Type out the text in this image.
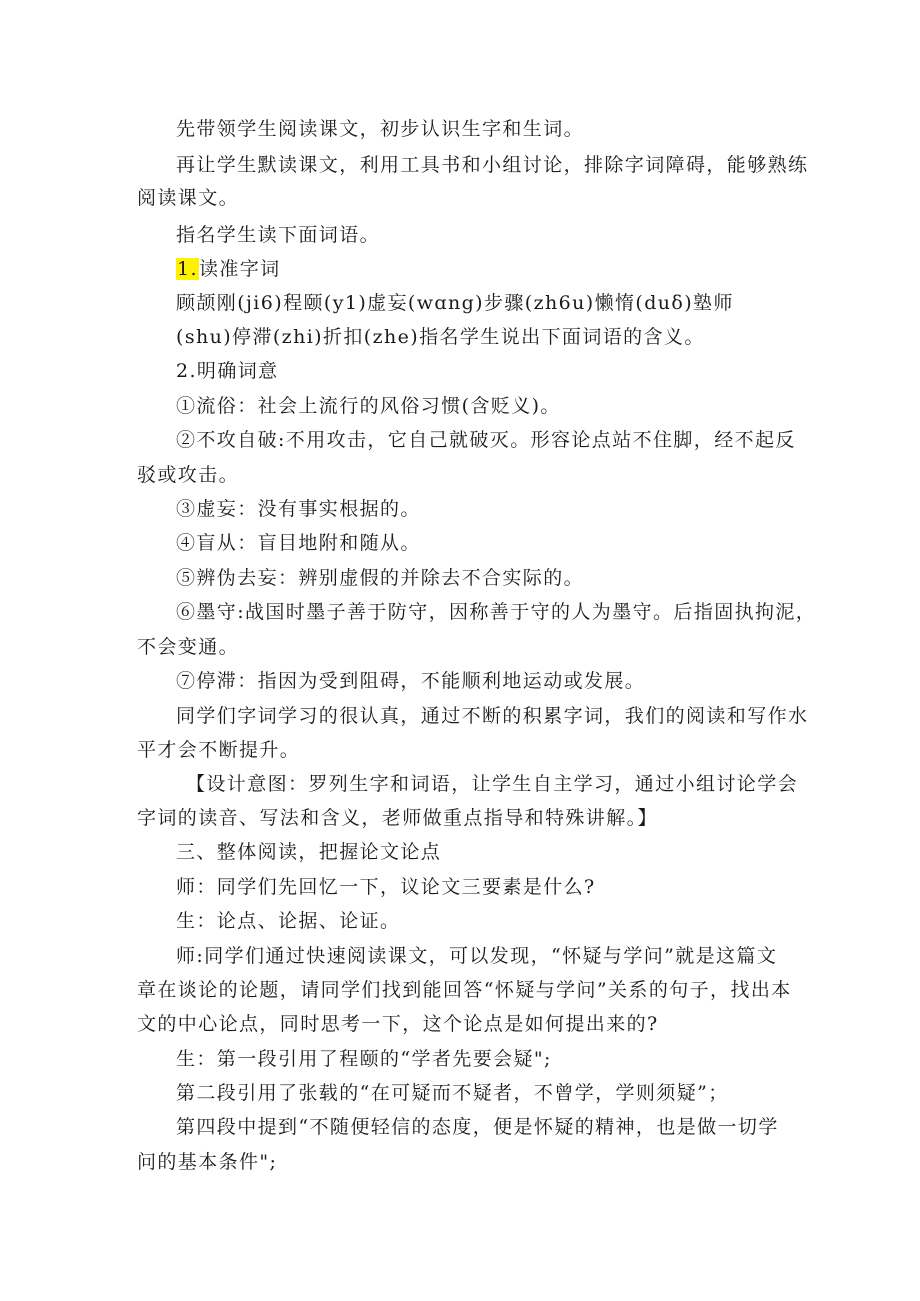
先带领学生阅读课文，初步认识生字和生词。
再让学生默读课文，利用工具书和小组讨论，排除字词障碍，能够熟练
阅读课文。
指名学生读下面词语。
1.读准字词
顾颉刚(ji6)程颐(y1)虚妄(wɑng)步骤(zh6u)懒惰(duδ)塾师
(shu)停滞(zhi)折扣(zhe)指名学生说出下面词语的含义。
2.明确词意
①流俗：社会上流行的风俗习惯(含贬义)。
②不攻自破:不用攻击，它自己就破灭。形容论点站不住脚，经不起反
驳或攻击。
③虚妄：没有事实根据的。
④盲从：盲目地附和随从。
⑤辨伪去妄：辨别虚假的并除去不合实际的。
⑥墨守:战国时墨子善于防守，因称善于守的人为墨守。后指固执拘泥，
不会变通。
⑦停滞：指因为受到阻碍，不能顺利地运动或发展。
同学们字词学习的很认真，通过不断的积累字词，我们的阅读和写作水
平才会不断提升。
【设计意图：罗列生字和词语，让学生自主学习，通过小组讨论学会
字词的读音、写法和含义，老师做重点指导和特殊讲解。】
三、整体阅读，把握论文论点
师：同学们先回忆一下，议论文三要素是什么?
生：论点、论据、论证。
师:同学们通过快速阅读课文，可以发现，“怀疑与学问”就是这篇文
章在谈论的论题，请同学们找到能回答“怀疑与学问”关系的句子，找出本
文的中心论点，同时思考一下，这个论点是如何提出来的?
生：第一段引用了程颐的“学者先要会疑";
第二段引用了张载的“在可疑而不疑者，不曾学，学则须疑”；
第四段中提到“不随便轻信的态度，便是怀疑的精神，也是做一切学
问的基本条件";
